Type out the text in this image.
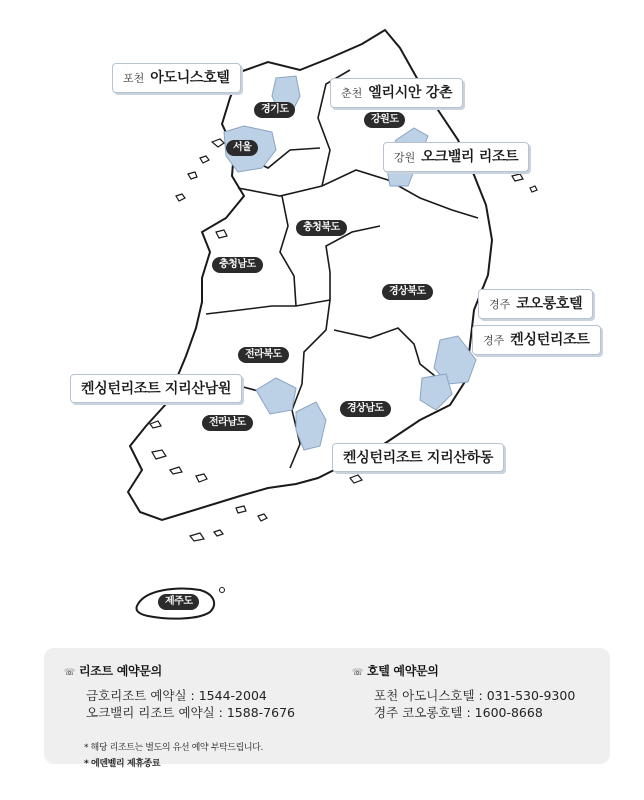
경기도
서울
강원도
충청북도
충청남도
경상북도
전라북도
경상남도
전라남도
제주도
포천 아도니스호텔
춘천 엘리시안 강촌
강원 오크밸리 리조트
경주 코오롱호텔
경주 켄싱턴리조트
켄싱턴리조트 지리산남원
켄싱턴리조트 지리산하동
☏ 리조트 예약문의
금호리조트 예약실 : 1544-2004
오크밸리 리조트 예약실 : 1588-7676
☏ 호텔 예약문의
포천 아도니스호텔 : 031-530-9300
경주 코오롱호텔 : 1600-8668
* 해당 리조트는 별도의 유선 예약 부탁드립니다.
* 에덴벨리 제휴종료
